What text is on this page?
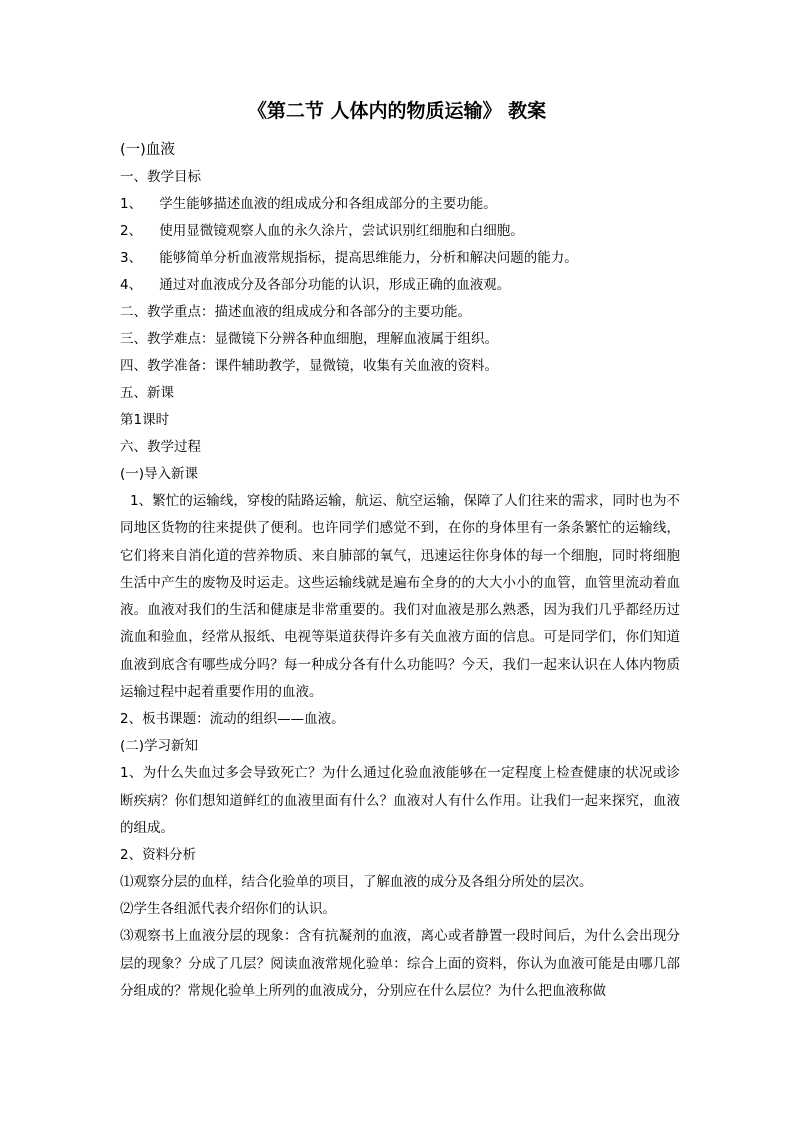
《第二节 人体内的物质运输》 教案

(一)血液

一、教学目标

1、 学生能够描述血液的组成成分和各组成部分的主要功能。

2、 使用显微镜观察人血的永久涂片，尝试识别红细胞和白细胞。

3、 能够简单分析血液常规指标，提高思维能力，分析和解决问题的能力。

4、 通过对血液成分及各部分功能的认识，形成正确的血液观。

二、教学重点：描述血液的组成成分和各部分的主要功能。

三、教学难点：显微镜下分辨各种血细胞，理解血液属于组织。

四、教学准备：课件辅助教学，显微镜，收集有关血液的资料。

五、新课

第1课时

六、教学过程

(一)导入新课

1、繁忙的运输线，穿梭的陆路运输，航运、航空运输，保障了人们往来的需求，同时也为不同地区货物的往来提供了便利。也许同学们感觉不到，在你的身体里有一条条繁忙的运输线，它们将来自消化道的营养物质、来自肺部的氧气，迅速运往你身体的每一个细胞，同时将细胞生活中产生的废物及时运走。这些运输线就是遍布全身的的大大小小的血管，血管里流动着血液。血液对我们的生活和健康是非常重要的。我们对血液是那么熟悉，因为我们几乎都经历过流血和验血，经常从报纸、电视等渠道获得许多有关血液方面的信息。可是同学们，你们知道血液到底含有哪些成分吗？每一种成分各有什么功能吗？今天，我们一起来认识在人体内物质运输过程中起着重要作用的血液。

2、板书课题：流动的组织——血液。

(二)学习新知

1、为什么失血过多会导致死亡？为什么通过化验血液能够在一定程度上检查健康的状况或诊断疾病？你们想知道鲜红的血液里面有什么？血液对人有什么作用。让我们一起来探究，血液的组成。

2、资料分析

⑴观察分层的血样，结合化验单的项目，了解血液的成分及各组分所处的层次。

⑵学生各组派代表介绍你们的认识。

⑶观察书上血液分层的现象：含有抗凝剂的血液，离心或者静置一段时间后，为什么会出现分层的现象？分成了几层？阅读血液常规化验单：综合上面的资料，你认为血液可能是由哪几部分组成的？常规化验单上所列的血液成分，分别应在什么层位？为什么把血液称做
